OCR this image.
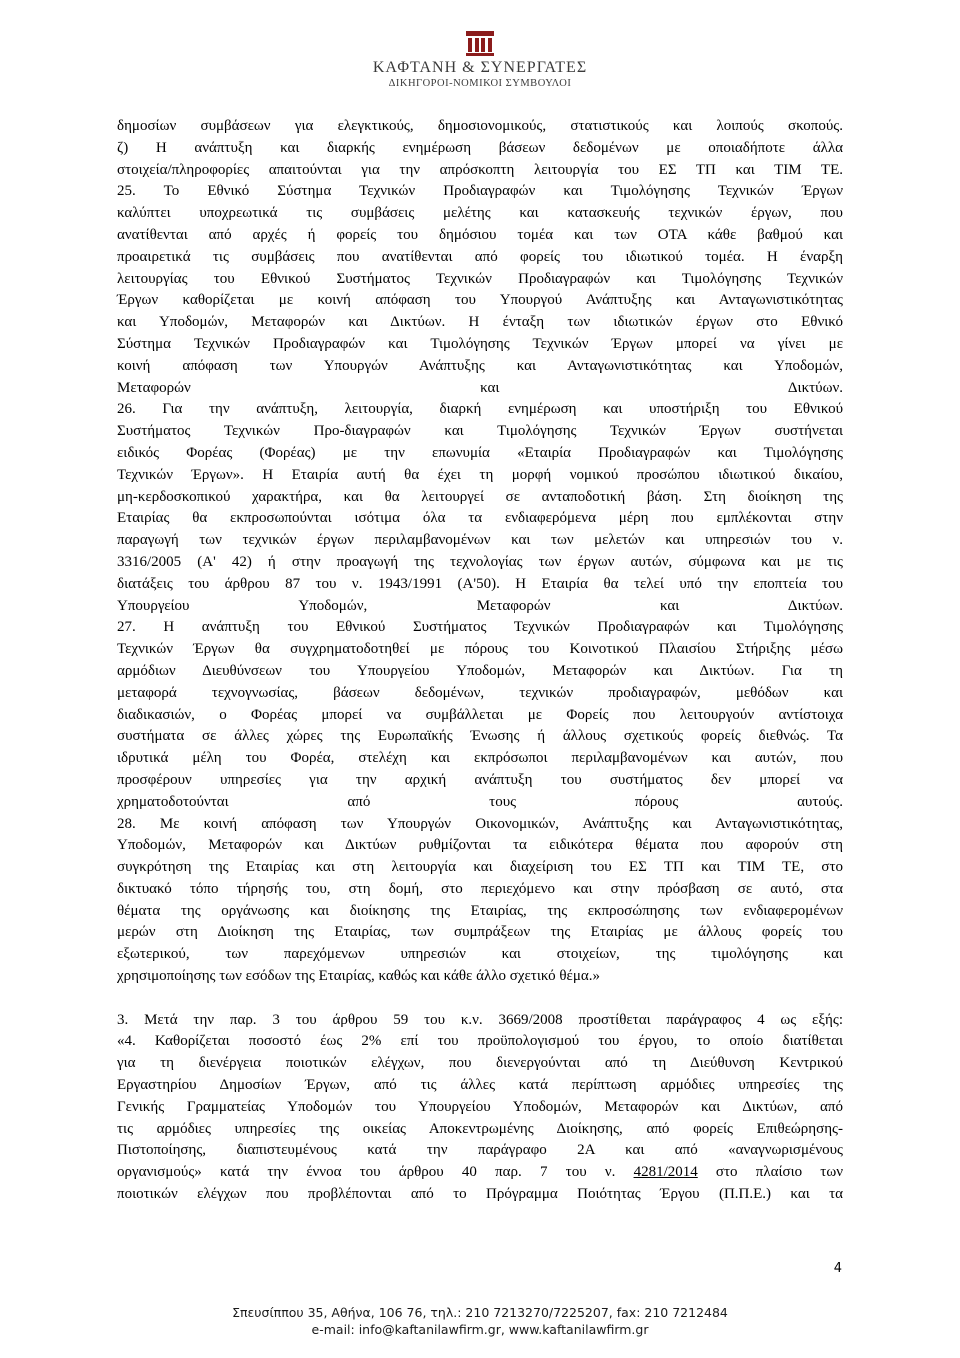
ΚΑΦΤΑΝΗ & ΣΥΝΕΡΓΑΤΕΣ
ΔΙΚΗΓΟΡΟΙ-ΝΟΜΙΚΟΙ ΣΥΜΒΟΥΛΟΙ
δημοσίων συμβάσεων για ελεγκτικούς, δημοσιονομικούς, στατιστικούς και λοιπούς σκοπούς.
ζ) Η ανάπτυξη και διαρκής ενημέρωση βάσεων δεδομένων με οποιαδήποτε άλλα
στοιχεία/πληροφορίες απαιτούνται για την απρόσκοπτη λειτουργία του ΕΣ ΤΠ και ΤΙΜ ΤΕ.
25. Το Εθνικό Σύστημα Τεχνικών Προδιαγραφών και Τιμολόγησης Τεχνικών Έργων
καλύπτει υποχρεωτικά τις συμβάσεις μελέτης και κατασκευής τεχνικών έργων, που
ανατίθενται από αρχές ή φορείς του δημόσιου τομέα και των ΟΤΑ κάθε βαθμού και
προαιρετικά τις συμβάσεις που ανατίθενται από φορείς του ιδιωτικού τομέα. Η έναρξη
λειτουργίας του Εθνικού Συστήματος Τεχνικών Προδιαγραφών και Τιμολόγησης Τεχνικών
Έργων καθορίζεται με κοινή απόφαση του Υπουργού Ανάπτυξης και Ανταγωνιστικότητας
και Υποδομών, Μεταφορών και Δικτύων. Η ένταξη των ιδιωτικών έργων στο Εθνικό
Σύστημα Τεχνικών Προδιαγραφών και Τιμολόγησης Τεχνικών Έργων μπορεί να γίνει με
κοινή απόφαση των Υπουργών Ανάπτυξης και Ανταγωνιστικότητας και Υποδομών,
Μεταφορών και Δικτύων.
26. Για την ανάπτυξη, λειτουργία, διαρκή ενημέρωση και υποστήριξη του Εθνικού
Συστήματος Τεχνικών Προ-διαγραφών και Τιμολόγησης Τεχνικών Έργων συστήνεται
ειδικός Φορέας (Φορέας) με την επωνυμία «Εταιρία Προδιαγραφών και Τιμολόγησης
Τεχνικών Έργων». Η Εταιρία αυτή θα έχει τη μορφή νομικού προσώπου ιδιωτικού δικαίου,
μη-κερδοσκοπικού χαρακτήρα, και θα λειτουργεί σε ανταποδοτική βάση. Στη διοίκηση της
Εταιρίας θα εκπροσωπούνται ισότιμα όλα τα ενδιαφερόμενα μέρη που εμπλέκονται στην
παραγωγή των τεχνικών έργων περιλαμβανομένων και των μελετών και υπηρεσιών του ν.
3316/2005 (Α' 42) ή στην προαγωγή της τεχνολογίας των έργων αυτών, σύμφωνα και με τις
διατάξεις του άρθρου 87 του ν. 1943/1991 (Α'50). Η Εταιρία θα τελεί υπό την εποπτεία του
Υπουργείου Υποδομών, Μεταφορών και Δικτύων.
27. Η ανάπτυξη του Εθνικού Συστήματος Τεχνικών Προδιαγραφών και Τιμολόγησης
Τεχνικών Έργων θα συγχρηματοδοτηθεί με πόρους του Κοινοτικού Πλαισίου Στήριξης μέσω
αρμόδιων Διευθύνσεων του Υπουργείου Υποδομών, Μεταφορών και Δικτύων. Για τη
μεταφορά τεχνογνωσίας, βάσεων δεδομένων, τεχνικών προδιαγραφών, μεθόδων και
διαδικασιών, ο Φορέας μπορεί να συμβάλλεται με Φορείς που λειτουργούν αντίστοιχα
συστήματα σε άλλες χώρες της Ευρωπαϊκής Ένωσης ή άλλους σχετικούς φορείς διεθνώς. Τα
ιδρυτικά μέλη του Φορέα, στελέχη και εκπρόσωποι περιλαμβανομένων και αυτών, που
προσφέρουν υπηρεσίες για την αρχική ανάπτυξη του συστήματος δεν μπορεί να
χρηματοδοτούνται από τους πόρους αυτούς.
28. Με κοινή απόφαση των Υπουργών Οικονομικών, Ανάπτυξης και Ανταγωνιστικότητας,
Υποδομών, Μεταφορών και Δικτύων ρυθμίζονται τα ειδικότερα θέματα που αφορούν στη
συγκρότηση της Εταιρίας και στη λειτουργία και διαχείριση του ΕΣ ΤΠ και ΤΙΜ ΤΕ, στο
δικτυακό τόπο τήρησής του, στη δομή, στο περιεχόμενο και στην πρόσβαση σε αυτό, στα
θέματα της οργάνωσης και διοίκησης της Εταιρίας, της εκπροσώπησης των ενδιαφερομένων
μερών στη Διοίκηση της Εταιρίας, των συμπράξεων της Εταιρίας με άλλους φορείς του
εξωτερικού, των παρεχόμενων υπηρεσιών και στοιχείων, της τιμολόγησης και
χρησιμοποίησης των εσόδων της Εταιρίας, καθώς και κάθε άλλο σχετικό θέμα.»
3. Μετά την παρ. 3 του άρθρου 59 του κ.ν. 3669/2008 προστίθεται παράγραφος 4 ως εξής:
«4. Καθορίζεται ποσοστό έως 2% επί του προϋπολογισμού του έργου, το οποίο διατίθεται
για τη διενέργεια ποιοτικών ελέγχων, που διενεργούνται από τη Διεύθυνση Κεντρικού
Εργαστηρίου Δημοσίων Έργων, από τις άλλες κατά περίπτωση αρμόδιες υπηρεσίες της
Γενικής Γραμματείας Υποδομών του Υπουργείου Υποδομών, Μεταφορών και Δικτύων, από
τις αρμόδιες υπηρεσίες της οικείας Αποκεντρωμένης Διοίκησης, από φορείς Επιθεώρησης-
Πιστοποίησης, διαπιστευμένους κατά την παράγραφο 2Α και από «αναγνωρισμένους
οργανισμούς» κατά την έννοα του άρθρου 40 παρ. 7 του ν. 4281/2014 στο πλαίσιο των
ποιοτικών ελέγχων που προβλέπονται από το Πρόγραμμα Ποιότητας Έργου (Π.Π.Ε.) και τα
4
Σπευσίππου 35, Αθήνα, 106 76, τηλ.: 210 7213270/7225207, fax: 210 7212484
e-mail: info@kaftanilawfirm.gr, www.kaftanilawfirm.gr
